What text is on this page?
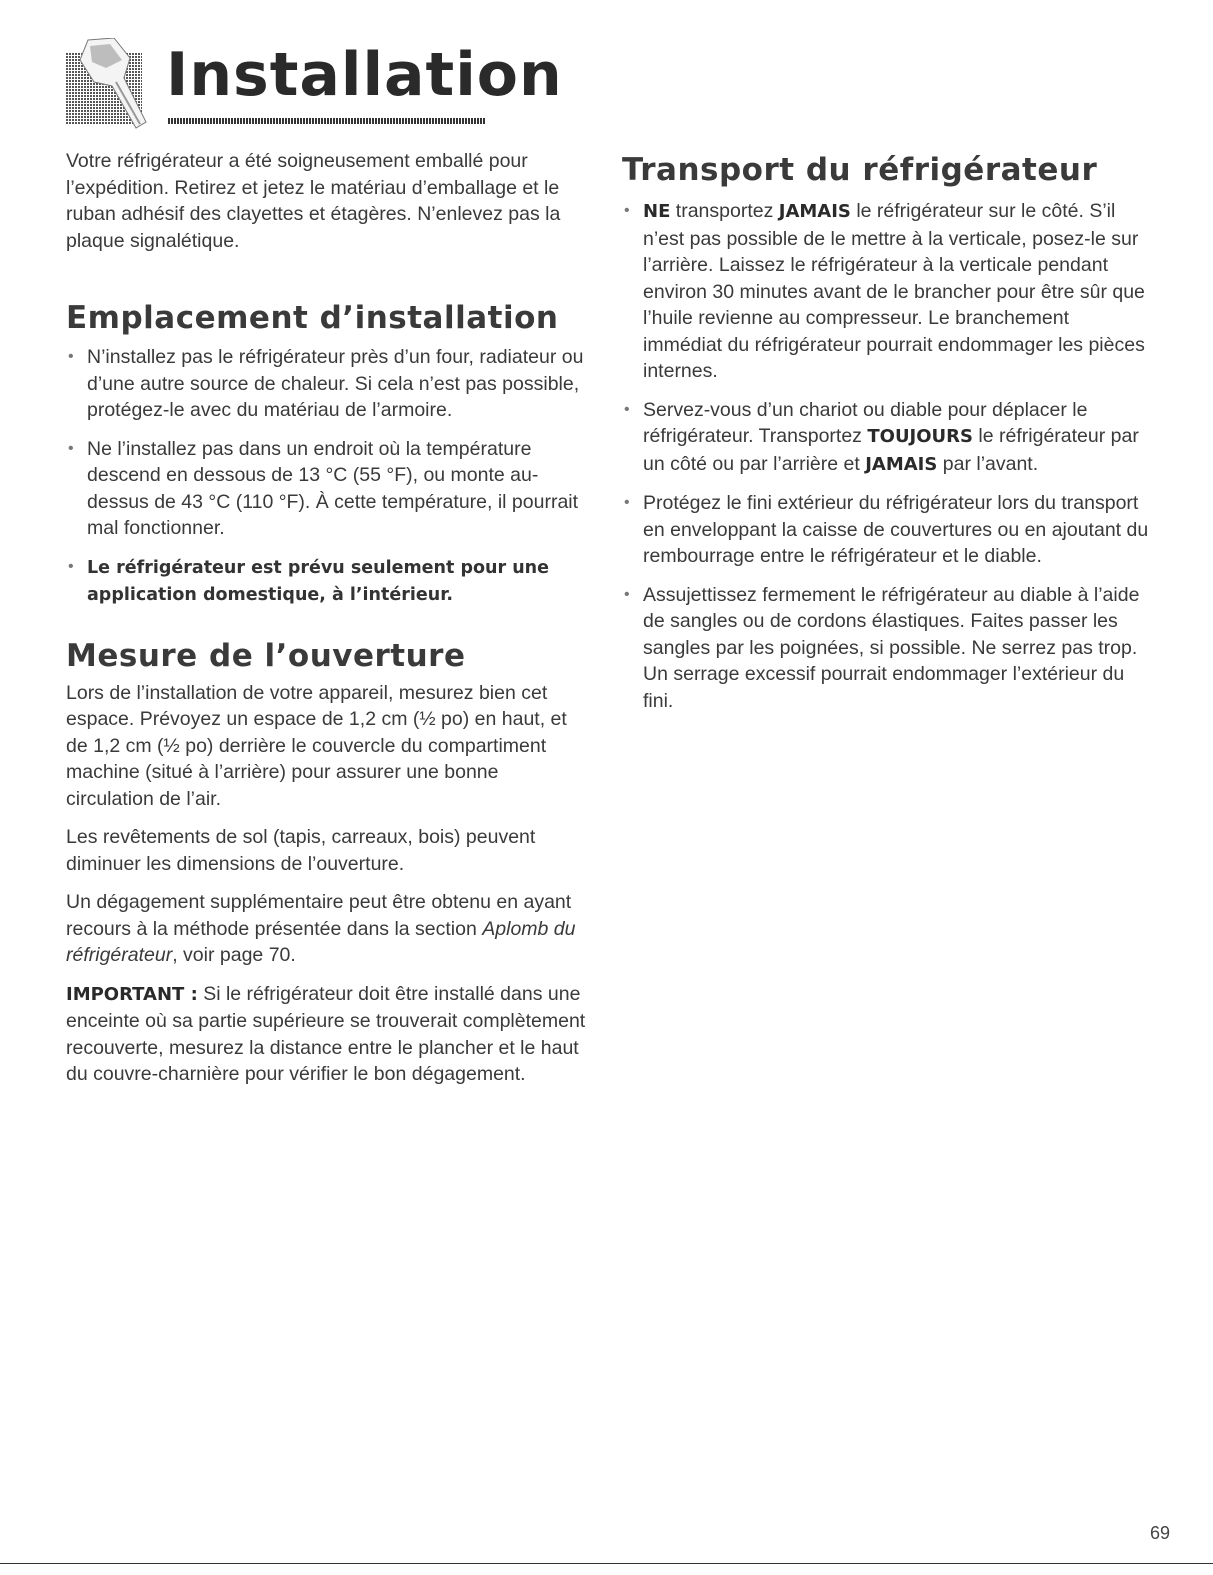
Installation

Votre réfrigérateur a été soigneusement emballé pour l’expédition. Retirez et jetez le matériau d’emballage et le ruban adhésif des clayettes et étagères. N’enlevez pas la plaque signalétique.

Emplacement d’installation
• N’installez pas le réfrigérateur près d’un four, radiateur ou d’une autre source de chaleur. Si cela n’est pas possible, protégez-le avec du matériau de l’armoire.
• Ne l’installez pas dans un endroit où la température descend en dessous de 13 °C (55 °F), ou monte au-dessus de 43 °C (110 °F). À cette température, il pourrait mal fonctionner.
• Le réfrigérateur est prévu seulement pour une application domestique, à l’intérieur.
Mesure de l’ouverture

Lors de l’installation de votre appareil, mesurez bien cet espace. Prévoyez un espace de 1,2 cm (½ po) en haut, et de 1,2 cm (½ po) derrière le couvercle du compartiment machine (situé à l’arrière) pour assurer une bonne circulation de l’air.

Les revêtements de sol (tapis, carreaux, bois) peuvent diminuer les dimensions de l’ouverture.

Un dégagement supplémentaire peut être obtenu en ayant recours à la méthode présentée dans la section Aplomb du réfrigérateur, voir page 70.

IMPORTANT : Si le réfrigérateur doit être installé dans une enceinte où sa partie supérieure se trouverait complètement recouverte, mesurez la distance entre le plancher et le haut du couvre-charnière pour vérifier le bon dégagement.

Transport du réfrigérateur
• NE transportez JAMAIS le réfrigérateur sur le côté. S’il n’est pas possible de le mettre à la verticale, posez-le sur l’arrière. Laissez le réfrigérateur à la verticale pendant environ 30 minutes avant de le brancher pour être sûr que l’huile revienne au compresseur. Le branchement immédiat du réfrigérateur pourrait endommager les pièces internes.
• Servez-vous d’un chariot ou diable pour déplacer le réfrigérateur. Transportez TOUJOURS le réfrigérateur par un côté ou par l’arrière et JAMAIS par l’avant.
• Protégez le fini extérieur du réfrigérateur lors du transport en enveloppant la caisse de couvertures ou en ajoutant du rembourrage entre le réfrigérateur et le diable.
• Assujettissez fermement le réfrigérateur au diable à l’aide de sangles ou de cordons élastiques. Faites passer les sangles par les poignées, si possible. Ne serrez pas trop. Un serrage excessif pourrait endommager l’extérieur du fini.
69
